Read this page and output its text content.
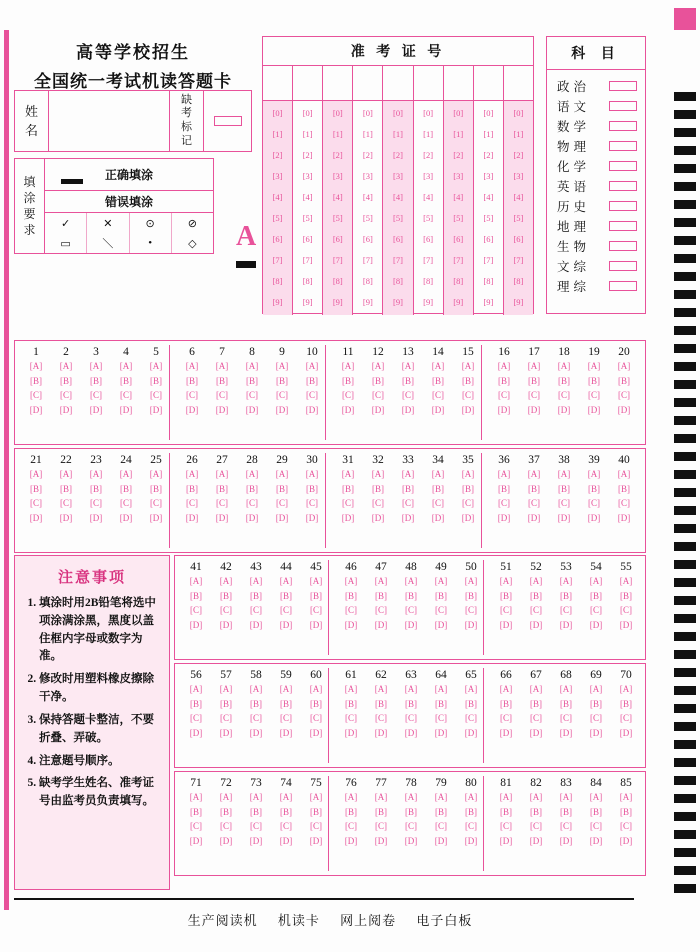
高等学校招生
全国统一考试机读答题卡
姓
名
缺
考
标
记
填
涂
要
求
正确填涂
错误填涂
✓	✕	⊙	⊘
▭	＼	•	◇	A
准 考 证 号
[0]
[1]
[2]
[3]
[4]
[5]
[6]
[7]
[8]
[9]
[0]
[1]
[2]
[3]
[4]
[5]
[6]
[7]
[8]
[9]
[0]
[1]
[2]
[3]
[4]
[5]
[6]
[7]
[8]
[9]
[0]
[1]
[2]
[3]
[4]
[5]
[6]
[7]
[8]
[9]
[0]
[1]
[2]
[3]
[4]
[5]
[6]
[7]
[8]
[9]
[0]
[1]
[2]
[3]
[4]
[5]
[6]
[7]
[8]
[9]
[0]
[1]
[2]
[3]
[4]
[5]
[6]
[7]
[8]
[9]
[0]
[1]
[2]
[3]
[4]
[5]
[6]
[7]
[8]
[9]
[0]
[1]
[2]
[3]
[4]
[5]
[6]
[7]
[8]
[9]
科 目
政治
语文
数学
物理
化学
英语
历史
地理
生物
文综
理综
1
[A]
[B]
[C]
[D]
2
[A]
[B]
[C]
[D]
3
[A]
[B]
[C]
[D]
4
[A]
[B]
[C]
[D]
5
[A]
[B]
[C]
[D]
6
[A]
[B]
[C]
[D]
7
[A]
[B]
[C]
[D]
8
[A]
[B]
[C]
[D]
9
[A]
[B]
[C]
[D]
10
[A]
[B]
[C]
[D]
11
[A]
[B]
[C]
[D]
12
[A]
[B]
[C]
[D]
13
[A]
[B]
[C]
[D]
14
[A]
[B]
[C]
[D]
15
[A]
[B]
[C]
[D]
16
[A]
[B]
[C]
[D]
17
[A]
[B]
[C]
[D]
18
[A]
[B]
[C]
[D]
19
[A]
[B]
[C]
[D]
20
[A]
[B]
[C]
[D]
21
[A]
[B]
[C]
[D]
22
[A]
[B]
[C]
[D]
23
[A]
[B]
[C]
[D]
24
[A]
[B]
[C]
[D]
25
[A]
[B]
[C]
[D]
26
[A]
[B]
[C]
[D]
27
[A]
[B]
[C]
[D]
28
[A]
[B]
[C]
[D]
29
[A]
[B]
[C]
[D]
30
[A]
[B]
[C]
[D]
31
[A]
[B]
[C]
[D]
32
[A]
[B]
[C]
[D]
33
[A]
[B]
[C]
[D]
34
[A]
[B]
[C]
[D]
35
[A]
[B]
[C]
[D]
36
[A]
[B]
[C]
[D]
37
[A]
[B]
[C]
[D]
38
[A]
[B]
[C]
[D]
39
[A]
[B]
[C]
[D]
40
[A]
[B]
[C]
[D]
41
[A]
[B]
[C]
[D]
42
[A]
[B]
[C]
[D]
43
[A]
[B]
[C]
[D]
44
[A]
[B]
[C]
[D]
45
[A]
[B]
[C]
[D]
46
[A]
[B]
[C]
[D]
47
[A]
[B]
[C]
[D]
48
[A]
[B]
[C]
[D]
49
[A]
[B]
[C]
[D]
50
[A]
[B]
[C]
[D]
51
[A]
[B]
[C]
[D]
52
[A]
[B]
[C]
[D]
53
[A]
[B]
[C]
[D]
54
[A]
[B]
[C]
[D]
55
[A]
[B]
[C]
[D]
56
[A]
[B]
[C]
[D]
57
[A]
[B]
[C]
[D]
58
[A]
[B]
[C]
[D]
59
[A]
[B]
[C]
[D]
60
[A]
[B]
[C]
[D]
61
[A]
[B]
[C]
[D]
62
[A]
[B]
[C]
[D]
63
[A]
[B]
[C]
[D]
64
[A]
[B]
[C]
[D]
65
[A]
[B]
[C]
[D]
66
[A]
[B]
[C]
[D]
67
[A]
[B]
[C]
[D]
68
[A]
[B]
[C]
[D]
69
[A]
[B]
[C]
[D]
70
[A]
[B]
[C]
[D]
71
[A]
[B]
[C]
[D]
72
[A]
[B]
[C]
[D]
73
[A]
[B]
[C]
[D]
74
[A]
[B]
[C]
[D]
75
[A]
[B]
[C]
[D]
76
[A]
[B]
[C]
[D]
77
[A]
[B]
[C]
[D]
78
[A]
[B]
[C]
[D]
79
[A]
[B]
[C]
[D]
80
[A]
[B]
[C]
[D]
81
[A]
[B]
[C]
[D]
82
[A]
[B]
[C]
[D]
83
[A]
[B]
[C]
[D]
84
[A]
[B]
[C]
[D]
85
[A]
[B]
[C]
[D]
注意事项
1. 填涂时用2B铅笔将选中项涂满涂黑，黑度以盖住框内字母或数字为准。
2. 修改时用塑料橡皮擦除干净。
3. 保持答题卡整洁，不要折叠、弄破。
4. 注意题号顺序。
5. 缺考学生姓名、准考证号由监考员负责填写。
生产阅读机 机读卡 网上阅卷 电子白板
